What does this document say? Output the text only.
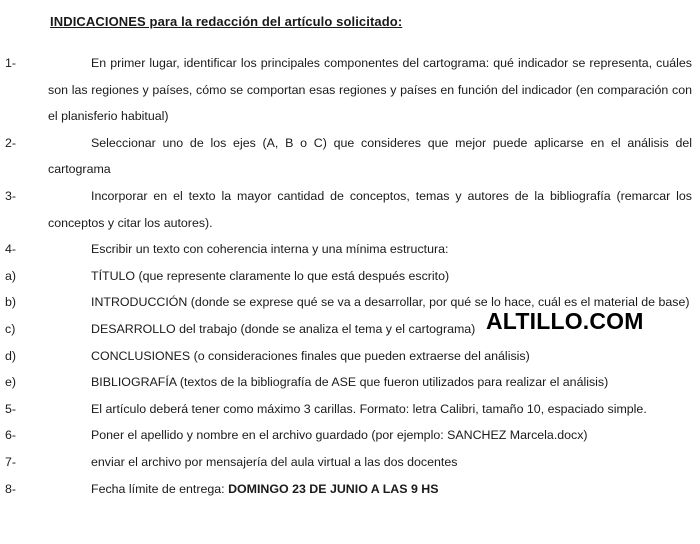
INDICACIONES para la redacción del artículo solicitado:

1-	En primer lugar, identificar los principales componentes del cartograma: qué indicador se representa, cuáles son las regiones y países, cómo se comportan esas regiones y países en función del indicador (en comparación con el planisferio habitual)

2-	Seleccionar uno de los ejes (A, B o C) que consideres que mejor puede aplicarse en el análisis del cartograma

3-	Incorporar en el texto la mayor cantidad de conceptos, temas y autores de la bibliografía (remarcar los conceptos y citar los autores).

4-	Escribir un texto con coherencia interna y una mínima estructura:

a)	TÍTULO (que represente claramente lo que está después escrito)

b)	INTRODUCCIÓN (donde se exprese qué se va a desarrollar, por qué se lo hace, cuál es el material de base)

c)	DESARROLLO del trabajo (donde se analiza el tema y el cartograma)

d)	CONCLUSIONES (o consideraciones finales que pueden extraerse del análisis)

e)	BIBLIOGRAFÍA (textos de la bibliografía de ASE que fueron utilizados para realizar el análisis)

5-	El artículo deberá tener como máximo 3 carillas. Formato: letra Calibri, tamaño 10, espaciado simple.

6-	Poner el apellido y nombre en el archivo guardado (por ejemplo: SANCHEZ Marcela.docx)

7-	enviar el archivo por mensajería del aula virtual a las dos docentes

8-	Fecha límite de entrega: DOMINGO 23 DE JUNIO A LAS 9 HS

ALTILLO.COM
